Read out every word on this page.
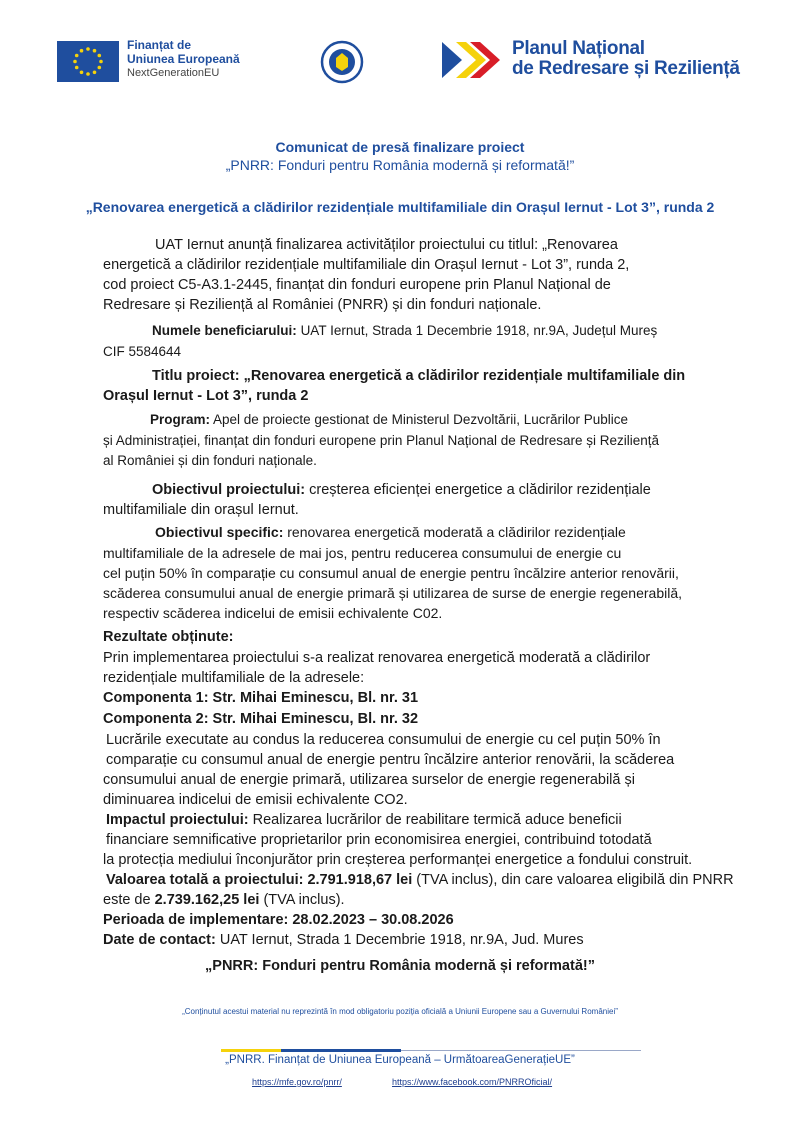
Finanțat de
Uniunea Europeană
NextGenerationEU
Planul Național
de Redresare și Reziliență
Comunicat de presă finalizare proiect
„PNRR: Fonduri pentru România modernă și reformată!”
„Renovarea energetică a clădirilor rezidențiale multifamiliale din Orașul Iernut - Lot 3”, runda 2
UAT Iernut anunță finalizarea activităților proiectului cu titlul: „Renovarea
energetică a clădirilor rezidențiale multifamiliale din Orașul Iernut - Lot 3”, runda 2,
cod proiect C5-A3.1-2445, finanțat din fonduri europene prin Planul Național de
Redresare și Reziliență al României (PNRR) și din fonduri naționale.
Numele beneficiarului: UAT Iernut, Strada 1 Decembrie 1918, nr.9A, Județul Mureș
CIF 5584644
Titlu proiect: „Renovarea energetică a clădirilor rezidențiale multifamiliale din
Orașul Iernut - Lot 3”, runda 2
Program: Apel de proiecte gestionat de Ministerul Dezvoltării, Lucrărilor Publice
și Administrației, finanțat din fonduri europene prin Planul Național de Redresare și Reziliență
al României și din fonduri naționale.
Obiectivul proiectului: creșterea eficienței energetice a clădirilor rezidențiale
multifamiliale din orașul Iernut.
Obiectivul specific: renovarea energetică moderată a clădirilor rezidențiale
multifamiliale de la adresele de mai jos, pentru reducerea consumului de energie cu
cel puțin 50% în comparație cu consumul anual de energie pentru încălzire anterior renovării,
scăderea consumului anual de energie primară și utilizarea de surse de energie regenerabilă,
respectiv scăderea indicelui de emisii echivalente C02.
Rezultate obținute:
Prin implementarea proiectului s-a realizat renovarea energetică moderată a clădirilor
rezidențiale multifamiliale de la adresele:
Componenta 1: Str. Mihai Eminescu, Bl. nr. 31
Componenta 2: Str. Mihai Eminescu, Bl. nr. 32
Lucrările executate au condus la reducerea consumului de energie cu cel puțin 50% în
comparație cu consumul anual de energie pentru încălzire anterior renovării, la scăderea
consumului anual de energie primară, utilizarea surselor de energie regenerabilă și
diminuarea indicelui de emisii echivalente CO2.
Impactul proiectului: Realizarea lucrărilor de reabilitare termică aduce beneficii
financiare semnificative proprietarilor prin economisirea energiei, contribuind totodată
la protecția mediului înconjurător prin creșterea performanței energetice a fondului construit.
Valoarea totală a proiectului: 2.791.918,67 lei (TVA inclus), din care valoarea eligibilă din PNRR
este de 2.739.162,25 lei (TVA inclus).
Perioada de implementare: 28.02.2023 – 30.08.2026
Date de contact: UAT Iernut, Strada 1 Decembrie 1918, nr.9A, Jud. Mures
„PNRR: Fonduri pentru România modernă și reformată!”
„Conținutul acestui material nu reprezintă în mod obligatoriu poziția oficială a Uniunii Europene sau a Guvernului României”
„PNRR. Finanțat de Uniunea Europeană – UrmătoareaGenerațieUE”
https://mfe.gov.ro/pnrr/	https://www.facebook.com/PNRROficial/
